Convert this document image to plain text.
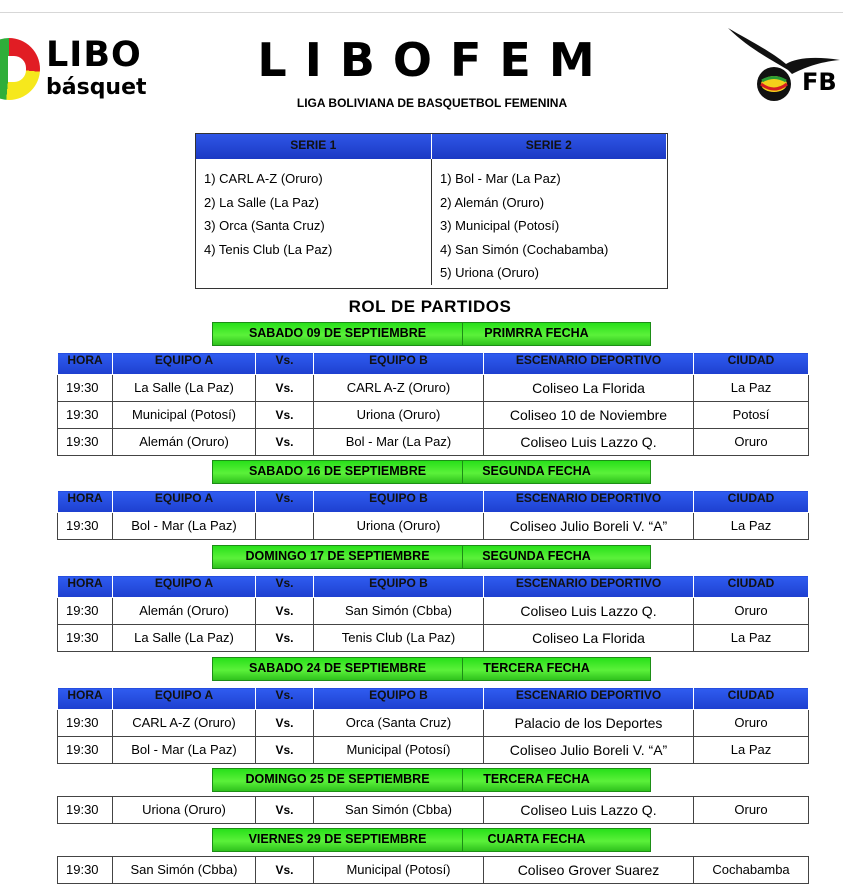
LIBO
básquet
LIBOFEM
LIGA BOLIVIANA DE BASQUETBOL FEMENINA
FB
SERIE 1	SERIE 2
1) CARL A-Z (Oruro)
2) La Salle (La Paz)
3) Orca (Santa Cruz)
4) Tenis Club (La Paz)
1) Bol - Mar (La Paz)
2) Alemán (Oruro)
3) Municipal (Potosí)
4) San Simón (Cochabamba)
5) Uriona (Oruro)
ROL DE PARTIDOS
SABADO 09 DE SEPTIEMBRE	PRIMRRA FECHA
HORA	EQUIPO A	Vs.	EQUIPO B	ESCENARIO DEPORTIVO	CIUDAD
19:30	La Salle (La Paz)	Vs.	CARL A-Z (Oruro)	Coliseo La Florida	La Paz
19:30	Municipal (Potosí)	Vs.	Uriona (Oruro)	Coliseo 10 de Noviembre	Potosí
19:30	Alemán (Oruro)	Vs.	Bol - Mar (La Paz)	Coliseo Luis Lazzo Q.	Oruro
SABADO 16 DE SEPTIEMBRE	SEGUNDA FECHA
HORA	EQUIPO A	Vs.	EQUIPO B	ESCENARIO DEPORTIVO	CIUDAD
19:30	Bol - Mar (La Paz)		Uriona (Oruro)	Coliseo Julio Boreli V. “A”	La Paz
DOMINGO 17 DE SEPTIEMBRE	SEGUNDA FECHA
HORA	EQUIPO A	Vs.	EQUIPO B	ESCENARIO DEPORTIVO	CIUDAD
19:30	Alemán (Oruro)	Vs.	San Simón (Cbba)	Coliseo Luis Lazzo Q.	Oruro
19:30	La Salle (La Paz)	Vs.	Tenis Club (La Paz)	Coliseo La Florida	La Paz
SABADO 24 DE SEPTIEMBRE	TERCERA FECHA
HORA	EQUIPO A	Vs.	EQUIPO B	ESCENARIO DEPORTIVO	CIUDAD
19:30	CARL A-Z (Oruro)	Vs.	Orca (Santa Cruz)	Palacio de los Deportes	Oruro
19:30	Bol - Mar (La Paz)	Vs.	Municipal (Potosí)	Coliseo Julio Boreli V. “A”	La Paz
DOMINGO 25 DE SEPTIEMBRE	TERCERA FECHA
19:30	Uriona (Oruro)	Vs.	San Simón (Cbba)	Coliseo Luis Lazzo Q.	Oruro
VIERNES 29 DE SEPTIEMBRE	CUARTA FECHA
19:30	San Simón (Cbba)	Vs.	Municipal (Potosí)	Coliseo Grover Suarez	Cochabamba
